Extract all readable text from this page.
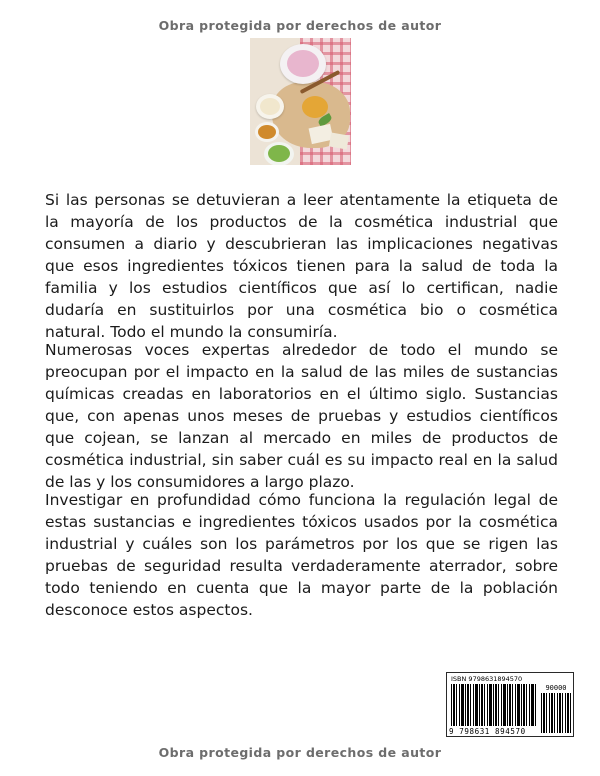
Obra protegida por derechos de autor

Si las personas se detuvieran a leer atentamente la etiqueta de la mayoría de los productos de la cosmética industrial que consumen a diario y descubrieran las implicaciones negativas que esos ingredientes tóxicos tienen para la salud de toda la familia y los estudios científicos que así lo certifican, nadie dudaría en sustituirlos por una cosmética bio o cosmética natural. Todo el mundo la consumiría.

Numerosas voces expertas alrededor de todo el mundo se preocupan por el impacto en la salud de las miles de sustancias químicas creadas en laboratorios en el último siglo. Sustancias que, con apenas unos meses de pruebas y estudios científicos que cojean, se lanzan al mercado en miles de productos de cosmética industrial, sin saber cuál es su impacto real en la salud de las y los consumidores a largo plazo.

Investigar en profundidad cómo funciona la regulación legal de estas sustancias e ingredientes tóxicos usados por la cosmética industrial y cuáles son los parámetros por los que se rigen las pruebas de seguridad resulta verdaderamente aterrador, sobre todo teniendo en cuenta que la mayor parte de la población desconoce estos aspectos.

ISBN 9798631894570
90000
9 798631 894570
Obra protegida por derechos de autor
